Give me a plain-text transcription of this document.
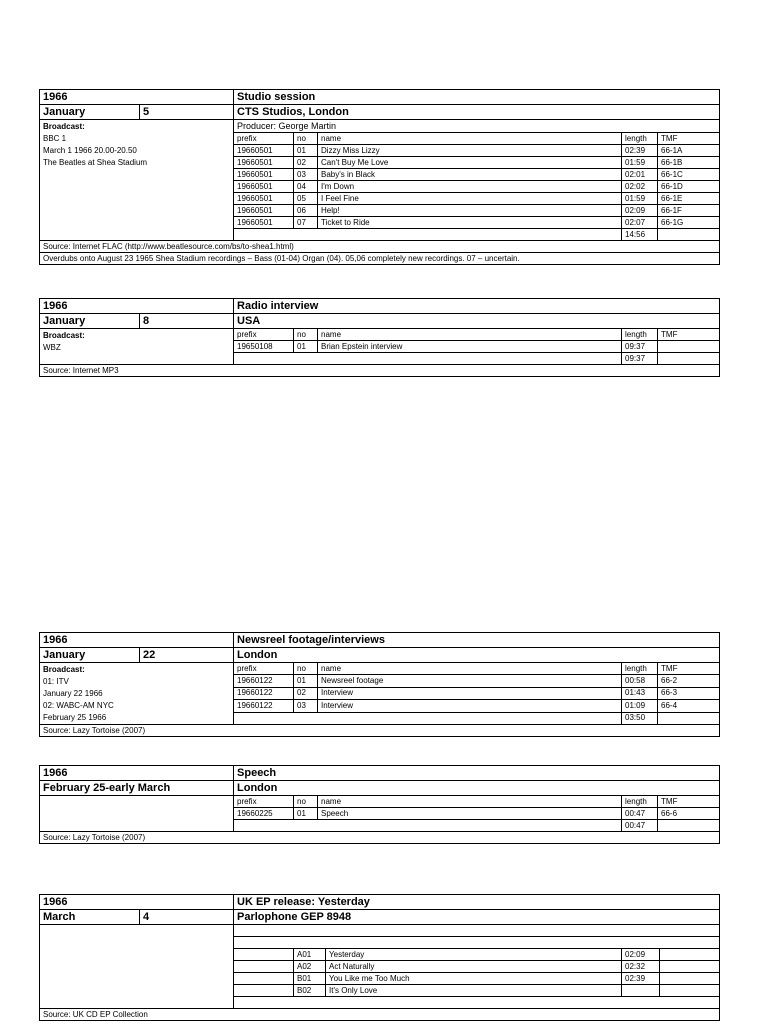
1966		Studio session				
January	5	CTS Studios, London				

Broadcast:
BBC 1
March 1 1966 20.00-20.50
The Beatles at Shea Stadium		Producer: George Martin				
		prefix	no	name	length	TMF
		19660501	01	Dizzy Miss Lizzy	02:39	66-1A
		19660501	02	Can't Buy Me Love	01:59	66-1B
		19660501	03	Baby's in Black	02:01	66-1C
		19660501	04	I'm Down	02:02	66-1D
		19660501	05	I Feel Fine	01:59	66-1E
		19660501	06	Help!	02:09	66-1F
		19660501	07	Ticket to Ride	02:07	66-1G
					14:56	
Source: Internet FLAC (http://www.beatlesource.com/bs/to-shea1.html)						
Overdubs onto August 23 1965 Shea Stadium recordings – Bass (01-04) Organ (04). 05,06 completely new recordings. 07 – uncertain.						
1966		Radio interview				
January	8	USA				

Broadcast:
WBZ		prefix	no	name	length	TMF
		19650108	01	Brian Epstein interview	09:37	
					09:37	
Source: Internet MP3						
1966		Newsreel footage/interviews				
January	22	London				

Broadcast:
01: ITV
January 22 1966
02: WABC-AM NYC
February 25 1966		prefix	no	name	length	TMF
		19660122	01	Newsreel footage	00:58	66-2
		19660122	02	Interview	01:43	66-3
		19660122	03	Interview	01:09	66-4
					03:50	
Source: Lazy Tortoise (2007)						
1966	Speech				
February 25-early March	London				
	prefix	no	name	length	TMF
	19660225	01	Speech	00:47	66-6
				00:47	
Source: Lazy Tortoise (2007)					
1966		UK EP release: Yesterday				
March	4	Parlophone GEP 8948				

			A01	Yesterday	02:09	
			A02	Act Naturally	02:32	
			B01	You Like me Too Much	02:39	
			B02	It's Only Love		

Source: UK CD EP Collection						
